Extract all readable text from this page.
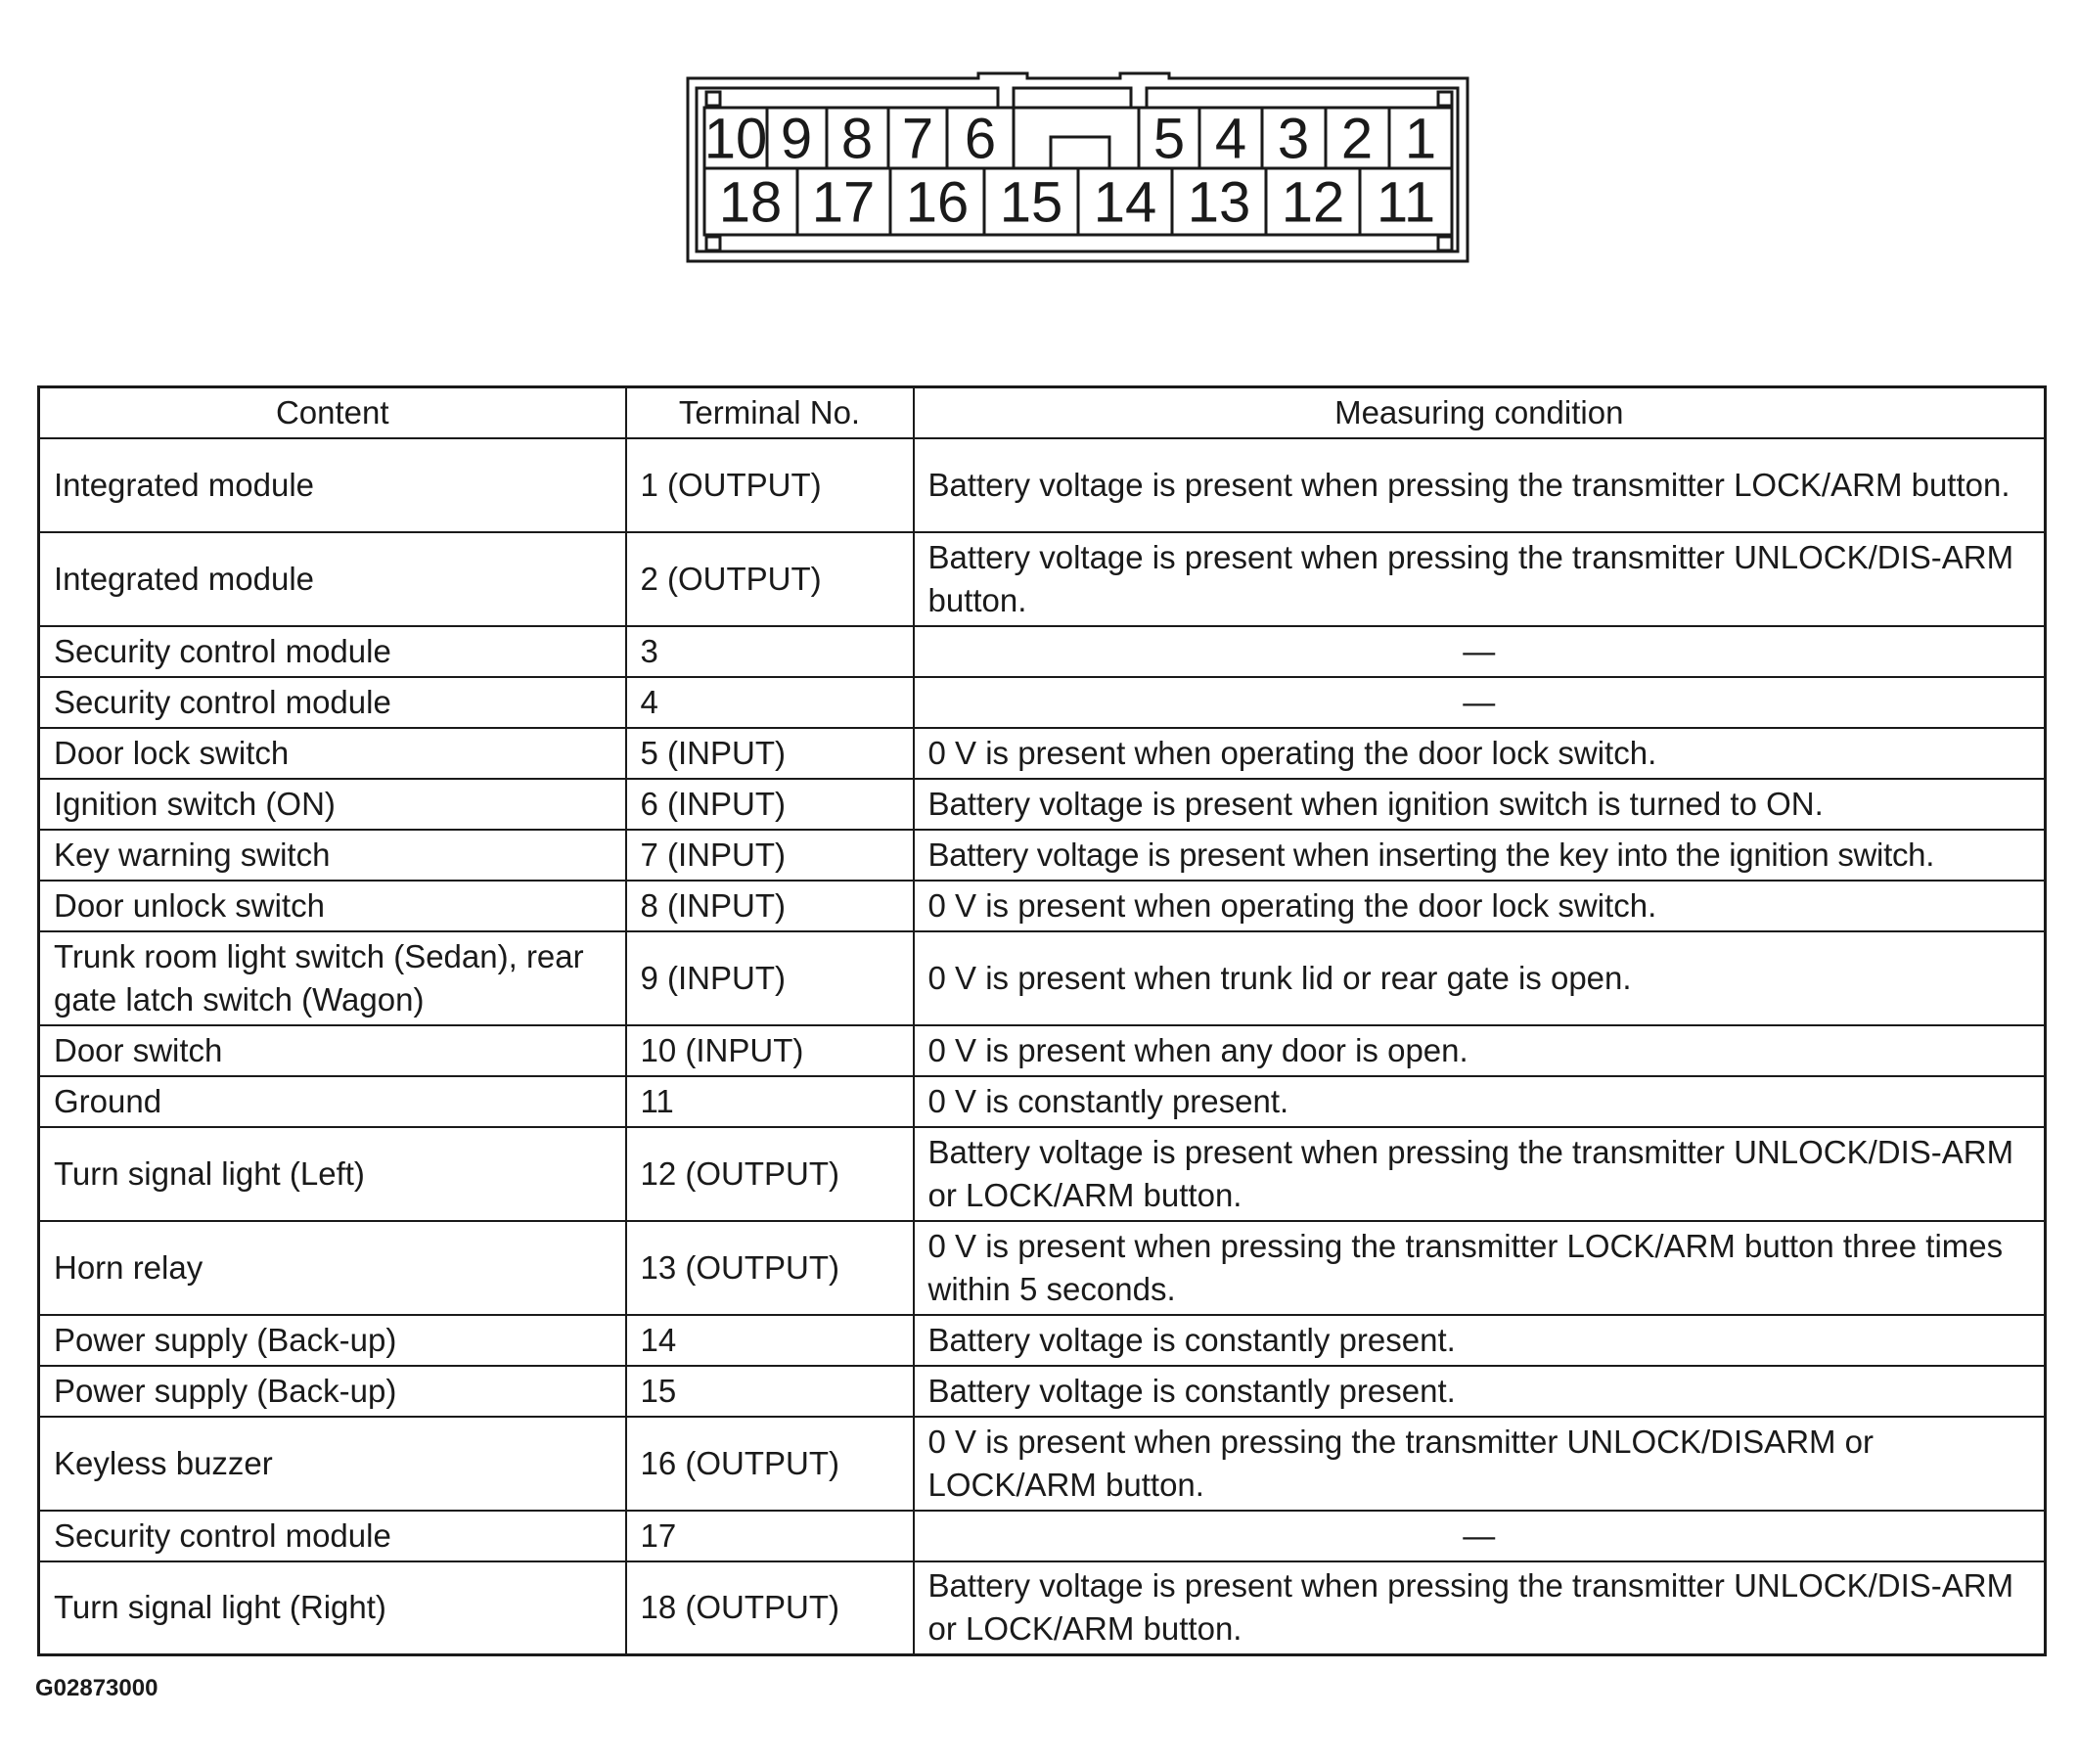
10 9 8 7 6	5 4 3 2 1
18 17 16 15 14 13 12 11
Content	Terminal No.	Measuring condition
Integrated module	1 (OUTPUT)	Battery voltage is present when pressing the transmitter LOCK/ARM button.
Integrated module	2 (OUTPUT)	Battery voltage is present when pressing the transmitter UNLOCK/DIS-ARM button.
Security control module	3	—
Security control module	4	—
Door lock switch	5 (INPUT)	0 V is present when operating the door lock switch.
Ignition switch (ON)	6 (INPUT)	Battery voltage is present when ignition switch is turned to ON.
Key warning switch	7 (INPUT)	Battery voltage is present when inserting the key into the ignition switch.
Door unlock switch	8 (INPUT)	0 V is present when operating the door lock switch.
Trunk room light switch (Sedan), rear gate latch switch (Wagon)	9 (INPUT)	0 V is present when trunk lid or rear gate is open.
Door switch	10 (INPUT)	0 V is present when any door is open.
Ground	11	0 V is constantly present.
Turn signal light (Left)	12 (OUTPUT)	Battery voltage is present when pressing the transmitter UNLOCK/DIS-ARM or LOCK/ARM button.
Horn relay	13 (OUTPUT)	0 V is present when pressing the transmitter LOCK/ARM button three times within 5 seconds.
Power supply (Back-up)	14	Battery voltage is constantly present.
Power supply (Back-up)	15	Battery voltage is constantly present.
Keyless buzzer	16 (OUTPUT)	0 V is present when pressing the transmitter UNLOCK/DISARM or LOCK/ARM button.
Security control module	17	—
Turn signal light (Right)	18 (OUTPUT)	Battery voltage is present when pressing the transmitter UNLOCK/DIS-ARM or LOCK/ARM button.
G02873000
